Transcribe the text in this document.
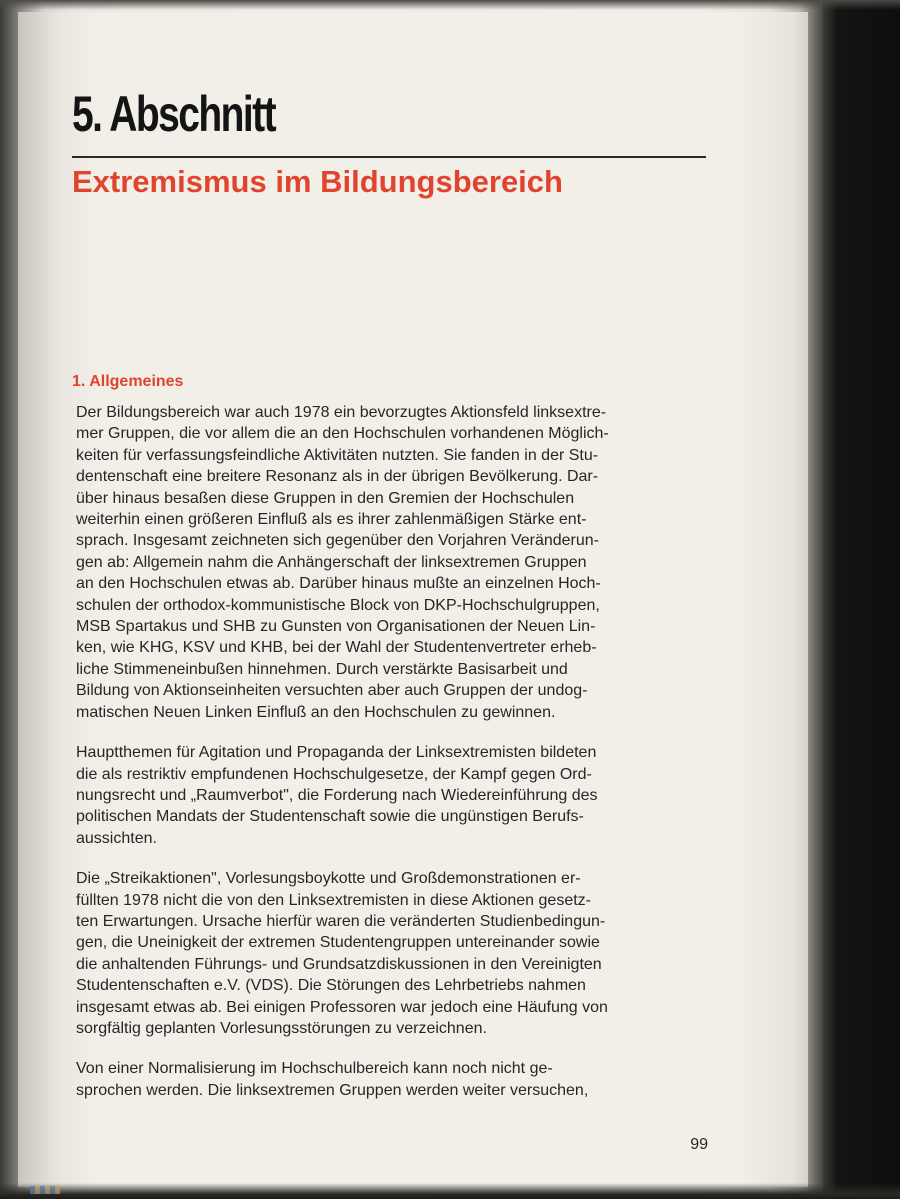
5. Abschnitt
Extremismus im Bildungsbereich
1. Allgemeines

Der Bildungsbereich war auch 1978 ein bevorzugtes Aktionsfeld linksextre-
mer Gruppen, die vor allem die an den Hochschulen vorhandenen Möglich-
keiten für verfassungsfeindliche Aktivitäten nutzten. Sie fanden in der Stu-
dentenschaft eine breitere Resonanz als in der übrigen Bevölkerung. Dar-
über hinaus besaßen diese Gruppen in den Gremien der Hochschulen
weiterhin einen größeren Einfluß als es ihrer zahlenmäßigen Stärke ent-
sprach. Insgesamt zeichneten sich gegenüber den Vorjahren Veränderun-
gen ab: Allgemein nahm die Anhängerschaft der linksextremen Gruppen
an den Hochschulen etwas ab. Darüber hinaus mußte an einzelnen Hoch-
schulen der orthodox-kommunistische Block von DKP-Hochschulgruppen,
MSB Spartakus und SHB zu Gunsten von Organisationen der Neuen Lin-
ken, wie KHG, KSV und KHB, bei der Wahl der Studentenvertreter erheb-
liche Stimmeneinbußen hinnehmen. Durch verstärkte Basisarbeit und
Bildung von Aktionseinheiten versuchten aber auch Gruppen der undog-
matischen Neuen Linken Einfluß an den Hochschulen zu gewinnen.

Hauptthemen für Agitation und Propaganda der Linksextremisten bildeten
die als restriktiv empfundenen Hochschulgesetze, der Kampf gegen Ord-
nungsrecht und „Raumverbot", die Forderung nach Wiedereinführung des
politischen Mandats der Studentenschaft sowie die ungünstigen Berufs-
aussichten.

Die „Streikaktionen", Vorlesungsboykotte und Großdemonstrationen er-
füllten 1978 nicht die von den Linksextremisten in diese Aktionen gesetz-
ten Erwartungen. Ursache hierfür waren die veränderten Studienbedingun-
gen, die Uneinigkeit der extremen Studentengruppen untereinander sowie
die anhaltenden Führungs- und Grundsatzdiskussionen in den Vereinigten
Studentenschaften e.V. (VDS). Die Störungen des Lehrbetriebs nahmen
insgesamt etwas ab. Bei einigen Professoren war jedoch eine Häufung von
sorgfältig geplanten Vorlesungsstörungen zu verzeichnen.

Von einer Normalisierung im Hochschulbereich kann noch nicht ge-
sprochen werden. Die linksextremen Gruppen werden weiter versuchen,

99
